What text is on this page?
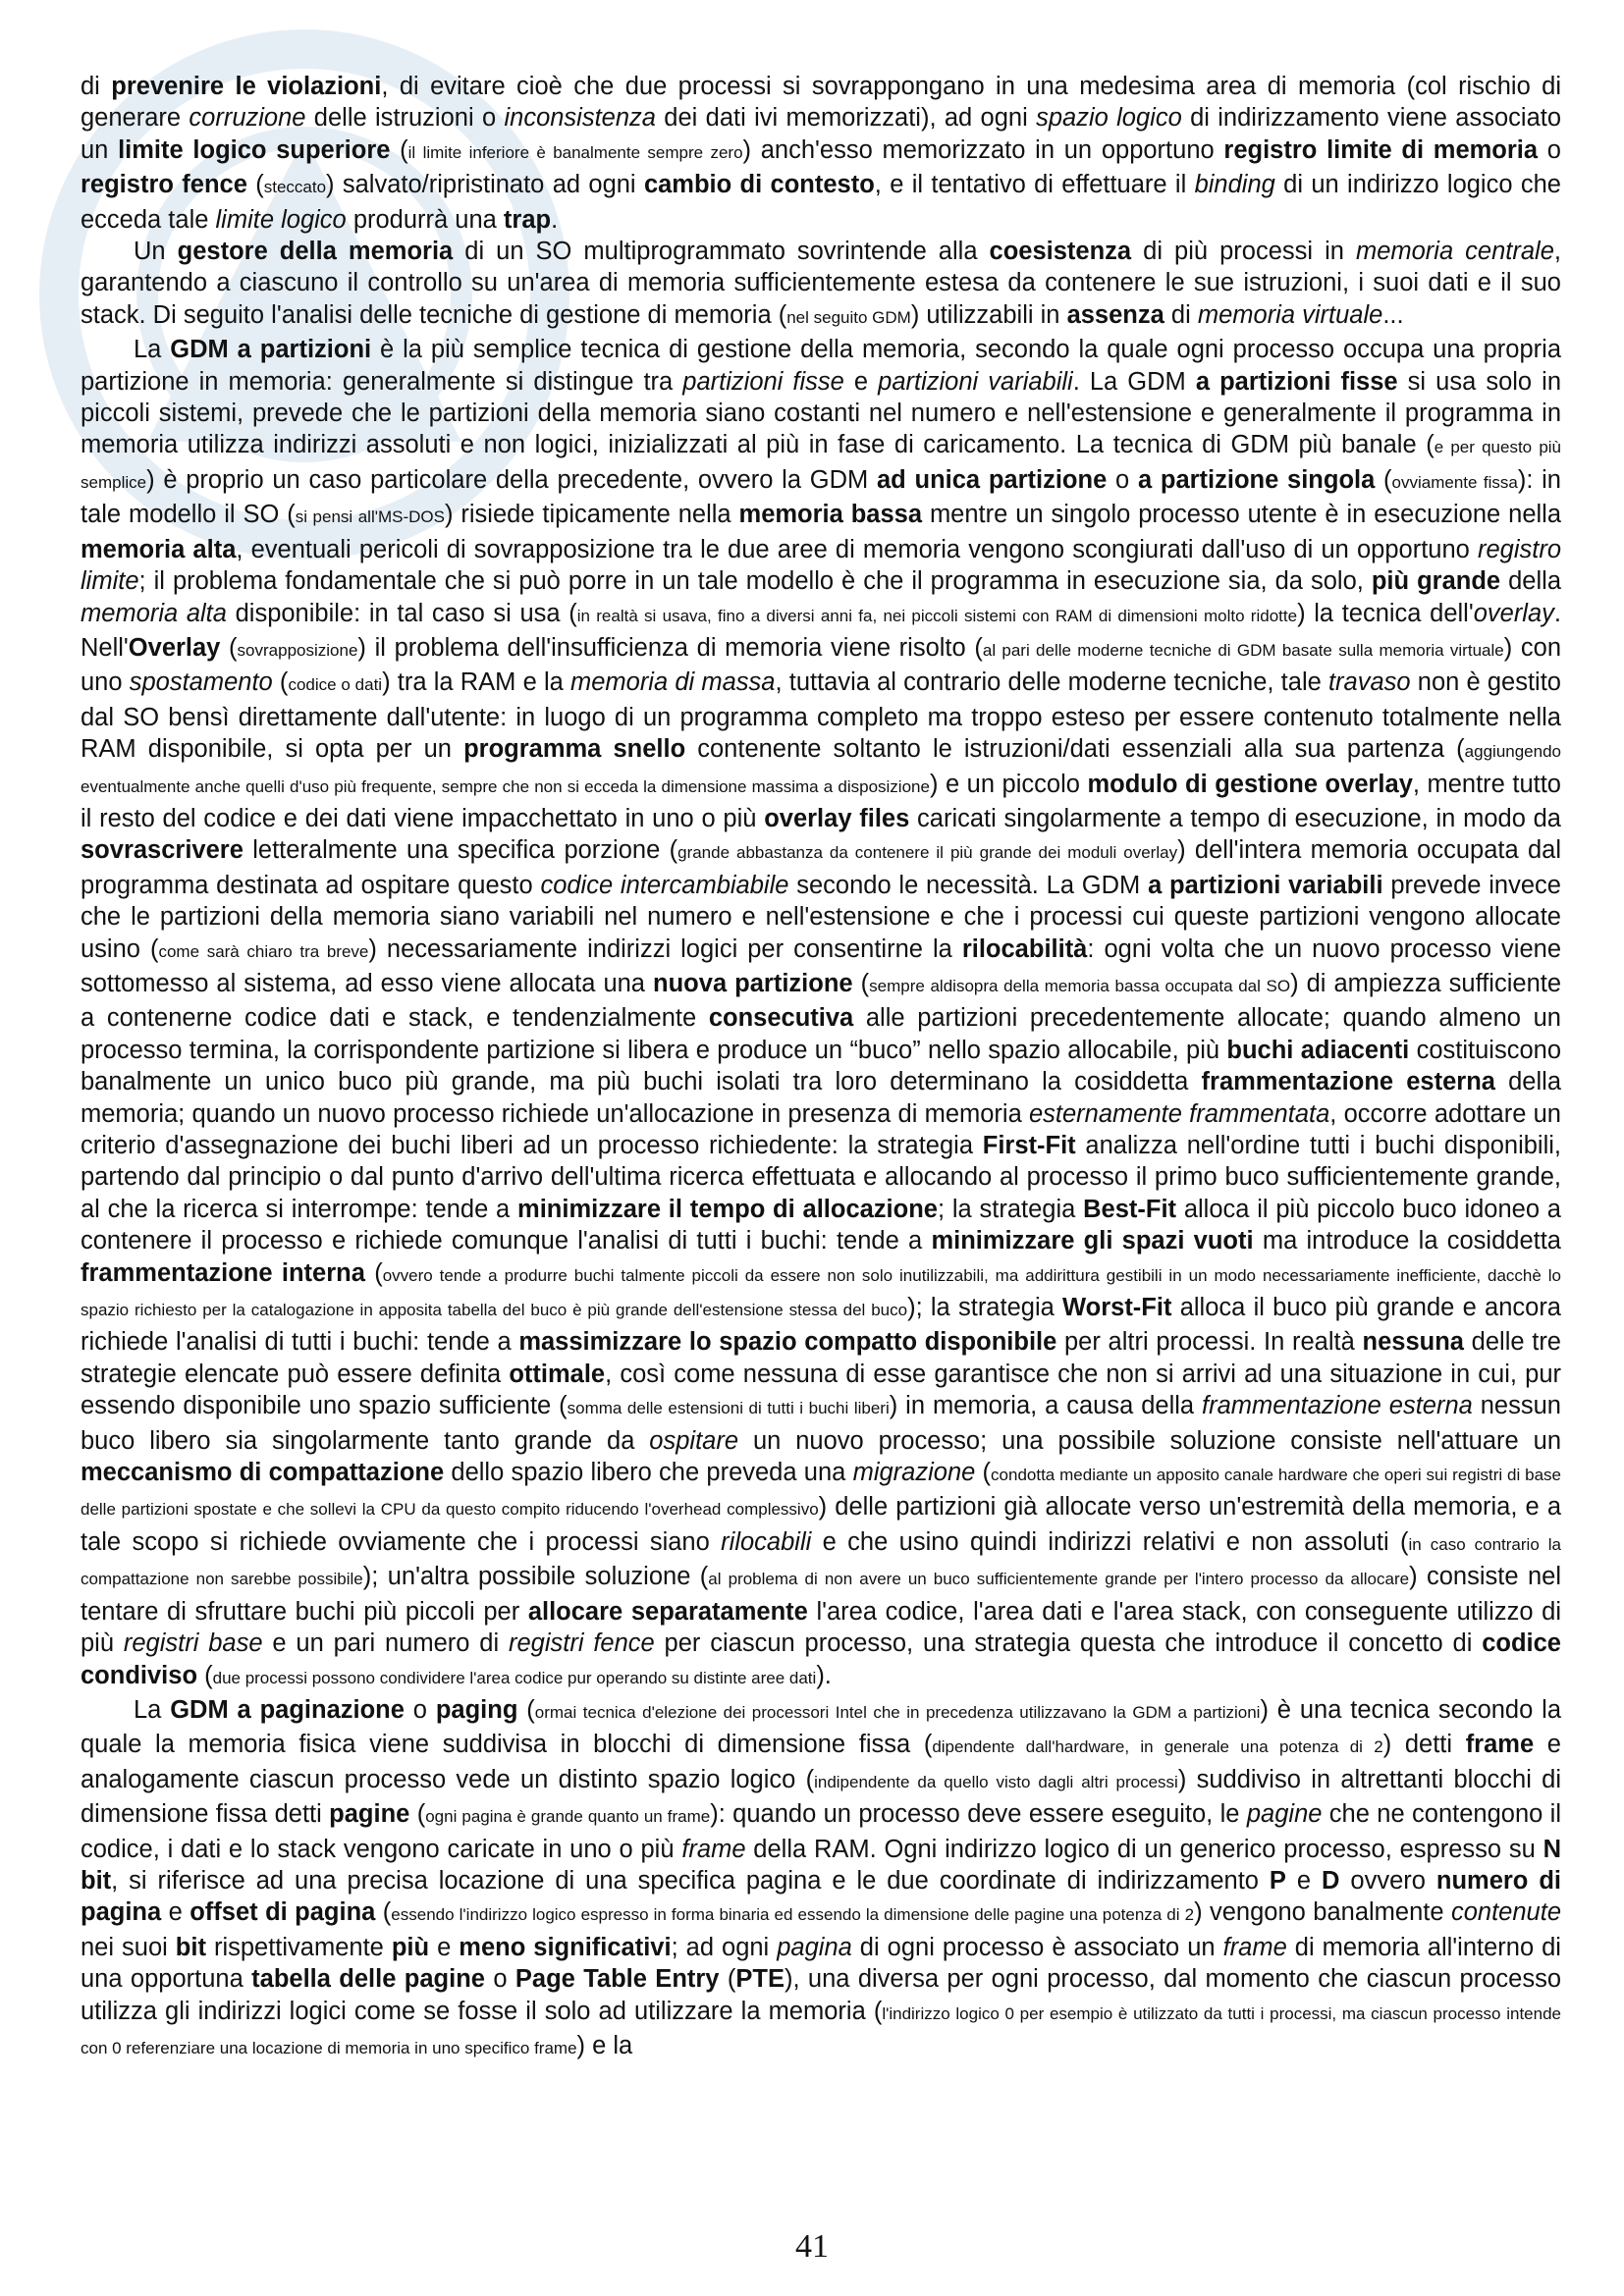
di prevenire le violazioni, di evitare cioè che due processi si sovrappongano in una medesima area di memoria (col rischio di generare corruzione delle istruzioni o inconsistenza dei dati ivi memorizzati), ad ogni spazio logico di indirizzamento viene associato un limite logico superiore (il limite inferiore è banalmente sempre zero) anch'esso memorizzato in un opportuno registro limite di memoria o registro fence (steccato) salvato/ripristinato ad ogni cambio di contesto, e il tentativo di effettuare il binding di un indirizzo logico che ecceda tale limite logico produrrà una trap.

Un gestore della memoria di un SO multiprogrammato sovrintende alla coesistenza di più processi in memoria centrale, garantendo a ciascuno il controllo su un'area di memoria sufficientemente estesa da contenere le sue istruzioni, i suoi dati e il suo stack. Di seguito l'analisi delle tecniche di gestione di memoria (nel seguito GDM) utilizzabili in assenza di memoria virtuale...

La GDM a partizioni è la più semplice tecnica di gestione della memoria, secondo la quale ogni processo occupa una propria partizione in memoria: generalmente si distingue tra partizioni fisse e partizioni variabili. La GDM a partizioni fisse si usa solo in piccoli sistemi, prevede che le partizioni della memoria siano costanti nel numero e nell'estensione e generalmente il programma in memoria utilizza indirizzi assoluti e non logici, inizializzati al più in fase di caricamento. La tecnica di GDM più banale (e per questo più semplice) è proprio un caso particolare della precedente, ovvero la GDM ad unica partizione o a partizione singola (ovviamente fissa): in tale modello il SO (si pensi all'MS-DOS) risiede tipicamente nella memoria bassa mentre un singolo processo utente è in esecuzione nella memoria alta, eventuali pericoli di sovrapposizione tra le due aree di memoria vengono scongiurati dall'uso di un opportuno registro limite; il problema fondamentale che si può porre in un tale modello è che il programma in esecuzione sia, da solo, più grande della memoria alta disponibile: in tal caso si usa (in realtà si usava, fino a diversi anni fa, nei piccoli sistemi con RAM di dimensioni molto ridotte) la tecnica dell'overlay. Nell'Overlay (sovrapposizione) il problema dell'insufficienza di memoria viene risolto (al pari delle moderne tecniche di GDM basate sulla memoria virtuale) con uno spostamento (codice o dati) tra la RAM e la memoria di massa, tuttavia al contrario delle moderne tecniche, tale travaso non è gestito dal SO bensì direttamente dall'utente: in luogo di un programma completo ma troppo esteso per essere contenuto totalmente nella RAM disponibile, si opta per un programma snello contenente soltanto le istruzioni/dati essenziali alla sua partenza (aggiungendo eventualmente anche quelli d'uso più frequente, sempre che non si ecceda la dimensione massima a disposizione) e un piccolo modulo di gestione overlay, mentre tutto il resto del codice e dei dati viene impacchettato in uno o più overlay files caricati singolarmente a tempo di esecuzione, in modo da sovrascrivere letteralmente una specifica porzione (grande abbastanza da contenere il più grande dei moduli overlay) dell'intera memoria occupata dal programma destinata ad ospitare questo codice intercambiabile secondo le necessità. La GDM a partizioni variabili prevede invece che le partizioni della memoria siano variabili nel numero e nell'estensione e che i processi cui queste partizioni vengono allocate usino (come sarà chiaro tra breve) necessariamente indirizzi logici per consentirne la rilocabilità: ogni volta che un nuovo processo viene sottomesso al sistema, ad esso viene allocata una nuova partizione (sempre aldisopra della memoria bassa occupata dal SO) di ampiezza sufficiente a contenerne codice dati e stack, e tendenzialmente consecutiva alle partizioni precedentemente allocate; quando almeno un processo termina, la corrispondente partizione si libera e produce un “buco” nello spazio allocabile, più buchi adiacenti costituiscono banalmente un unico buco più grande, ma più buchi isolati tra loro determinano la cosiddetta frammentazione esterna della memoria; quando un nuovo processo richiede un'allocazione in presenza di memoria esternamente frammentata, occorre adottare un criterio d'assegnazione dei buchi liberi ad un processo richiedente: la strategia First-Fit analizza nell'ordine tutti i buchi disponibili, partendo dal principio o dal punto d'arrivo dell'ultima ricerca effettuata e allocando al processo il primo buco sufficientemente grande, al che la ricerca si interrompe: tende a minimizzare il tempo di allocazione; la strategia Best-Fit alloca il più piccolo buco idoneo a contenere il processo e richiede comunque l'analisi di tutti i buchi: tende a minimizzare gli spazi vuoti ma introduce la cosiddetta frammentazione interna (ovvero tende a produrre buchi talmente piccoli da essere non solo inutilizzabili, ma addirittura gestibili in un modo necessariamente inefficiente, dacchè lo spazio richiesto per la catalogazione in apposita tabella del buco è più grande dell'estensione stessa del buco); la strategia Worst-Fit alloca il buco più grande e ancora richiede l'analisi di tutti i buchi: tende a massimizzare lo spazio compatto disponibile per altri processi. In realtà nessuna delle tre strategie elencate può essere definita ottimale, così come nessuna di esse garantisce che non si arrivi ad una situazione in cui, pur essendo disponibile uno spazio sufficiente (somma delle estensioni di tutti i buchi liberi) in memoria, a causa della frammentazione esterna nessun buco libero sia singolarmente tanto grande da ospitare un nuovo processo; una possibile soluzione consiste nell'attuare un meccanismo di compattazione dello spazio libero che preveda una migrazione (condotta mediante un apposito canale hardware che operi sui registri di base delle partizioni spostate e che sollevi la CPU da questo compito riducendo l'overhead complessivo) delle partizioni già allocate verso un'estremità della memoria, e a tale scopo si richiede ovviamente che i processi siano rilocabili e che usino quindi indirizzi relativi e non assoluti (in caso contrario la compattazione non sarebbe possibile); un'altra possibile soluzione (al problema di non avere un buco sufficientemente grande per l'intero processo da allocare) consiste nel tentare di sfruttare buchi più piccoli per allocare separatamente l'area codice, l'area dati e l'area stack, con conseguente utilizzo di più registri base e un pari numero di registri fence per ciascun processo, una strategia questa che introduce il concetto di codice condiviso (due processi possono condividere l'area codice pur operando su distinte aree dati).

La GDM a paginazione o paging (ormai tecnica d'elezione dei processori Intel che in precedenza utilizzavano la GDM a partizioni) è una tecnica secondo la quale la memoria fisica viene suddivisa in blocchi di dimensione fissa (dipendente dall'hardware, in generale una potenza di 2) detti frame e analogamente ciascun processo vede un distinto spazio logico (indipendente da quello visto dagli altri processi) suddiviso in altrettanti blocchi di dimensione fissa detti pagine (ogni pagina è grande quanto un frame): quando un processo deve essere eseguito, le pagine che ne contengono il codice, i dati e lo stack vengono caricate in uno o più frame della RAM. Ogni indirizzo logico di un generico processo, espresso su N bit, si riferisce ad una precisa locazione di una specifica pagina e le due coordinate di indirizzamento P e D ovvero numero di pagina e offset di pagina (essendo l'indirizzo logico espresso in forma binaria ed essendo la dimensione delle pagine una potenza di 2) vengono banalmente contenute nei suoi bit rispettivamente più e meno significativi; ad ogni pagina di ogni processo è associato un frame di memoria all'interno di una opportuna tabella delle pagine o Page Table Entry (PTE), una diversa per ogni processo, dal momento che ciascun processo utilizza gli indirizzi logici come se fosse il solo ad utilizzare la memoria (l'indirizzo logico 0 per esempio è utilizzato da tutti i processi, ma ciascun processo intende con 0 referenziare una locazione di memoria in uno specifico frame) e la

41
